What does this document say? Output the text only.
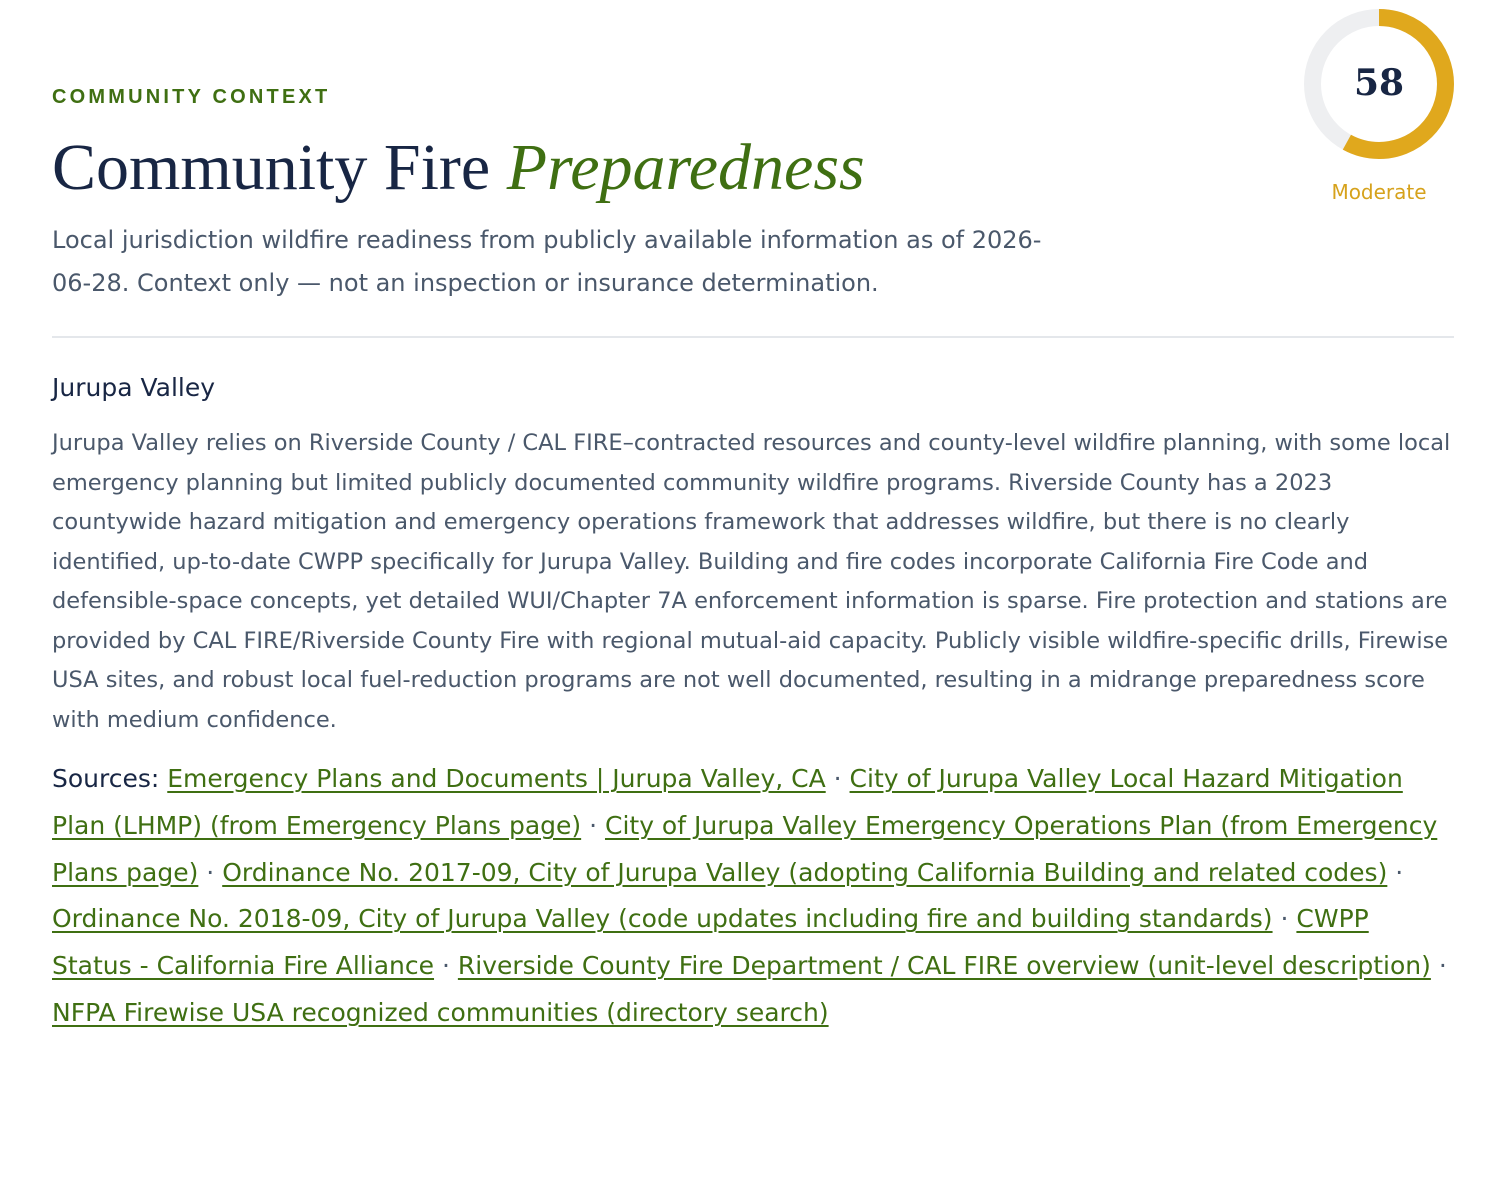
COMMUNITY CONTEXT
Community Fire Preparedness

Local jurisdiction wildfire readiness from publicly available information as of 2026-06-28. Context only — not an inspection or insurance determination.

58
Moderate
Jurupa Valley

Jurupa Valley relies on Riverside County / CAL FIRE–contracted resources and county-level wildfire planning, with some local emergency planning but limited publicly documented community wildfire programs. Riverside County has a 2023 countywide hazard mitigation and emergency operations framework that addresses wildfire, but there is no clearly identified, up-to-date CWPP specifically for Jurupa Valley. Building and fire codes incorporate California Fire Code and defensible-space concepts, yet detailed WUI/Chapter 7A enforcement information is sparse. Fire protection and stations are provided by CAL FIRE/Riverside County Fire with regional mutual-aid capacity. Publicly visible wildfire-specific drills, Firewise USA sites, and robust local fuel-reduction programs are not well documented, resulting in a midrange preparedness score with medium confidence.

Sources: Emergency Plans and Documents | Jurupa Valley, CA · City of Jurupa Valley Local Hazard Mitigation Plan (LHMP) (from Emergency Plans page) · City of Jurupa Valley Emergency Operations Plan (from Emergency Plans page) · Ordinance No. 2017-09, City of Jurupa Valley (adopting California Building and related codes) · Ordinance No. 2018-09, City of Jurupa Valley (code updates including fire and building standards) · CWPP Status - California Fire Alliance · Riverside County Fire Department / CAL FIRE overview (unit-level description) · NFPA Firewise USA recognized communities (directory search)
